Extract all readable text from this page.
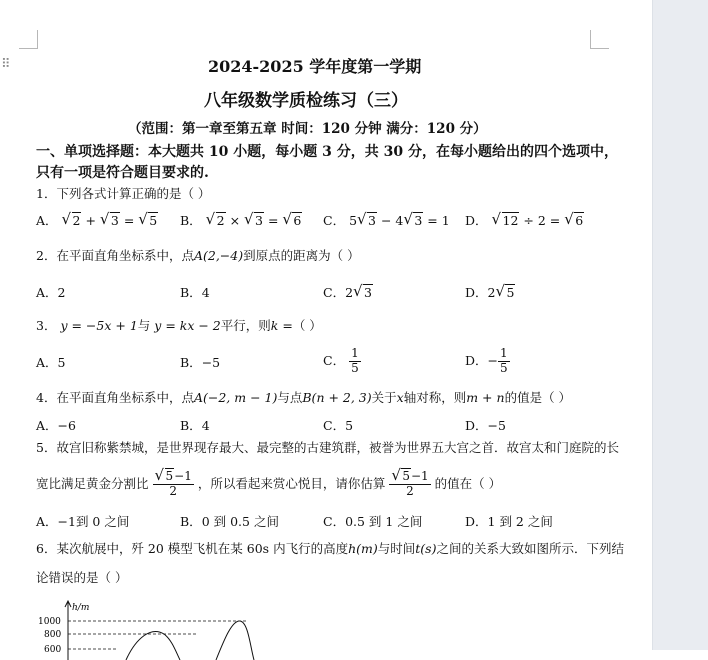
⠿	2024-2025 学年度第一学期
八年级数学质检练习（三）
（范围：第一章至第五章 时间：120 分钟 满分：120 分）
一、单项选择题：本大题共 10 小题，每小题 3 分，共 30 分，在每小题给出的四个选项中，
只有一项是符合题目要求的.
1．下列各式计算正确的是（ ）
A． √ 2 + √ 3 = √ 5 B． √ 2 × √ 3 = √ 6 C． 5 √ 3 − 4 √ 3 = 1 D． √ 12 ÷ 2 = √ 6
2．在平面直角坐标系中，点A(2,−4)到原点的距离为（ ）
A．2	B．4	C．2 √ 3	D．2 √ 5
3． y = −5x + 1与 y = kx − 2平行，则k =（ ）
A．5	B．−5	C． $\frac{1}{5}$	D．− $\frac{1}{5}$
4．在平面直角坐标系中，点A(−2, m − 1)与点B(n + 2, 3)关于x轴对称，则m + n的值是（ ）
A．−6	B．4	C．5	D．−5
5．故宫旧称紫禁城，是世界现存最大、最完整的古建筑群，被誉为世界五大宫之首．故宫太和门庭院的长
宽比满足黄金分割比 $\frac{√ 5-1}{2}$ ，所以看起来赏心悦目，请你估算 $\frac{√ 5-1}{2}$ 的值在（ ）
A．−1到 0 之间	B．0 到 0.5 之间	C．0.5 到 1 之间	D．1 到 2 之间
6．某次航展中，歼 20 模型飞机在某 60s 内飞行的高度h(m)与时间t(s)之间的关系大致如图所示．下列结
论错误的是（ ）
h/m
1000
800
600
